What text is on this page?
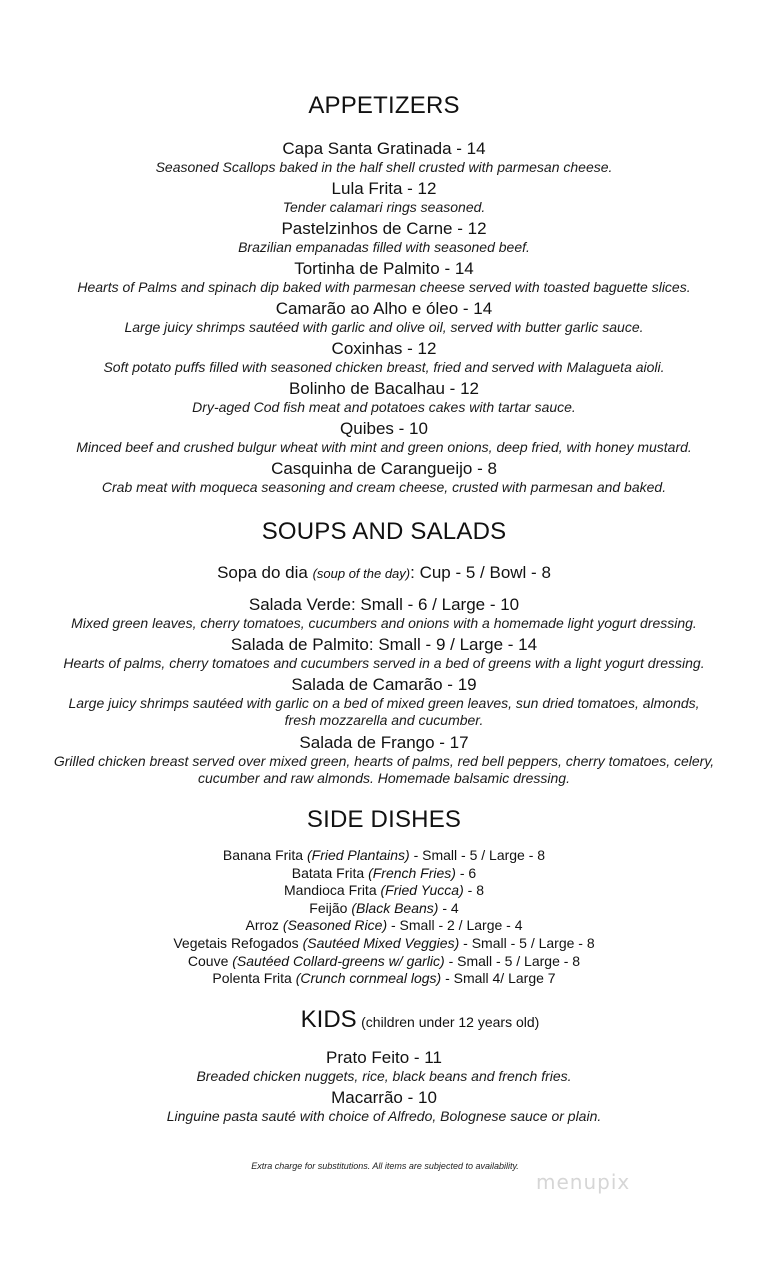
APPETIZERS
Capa Santa Gratinada - 14
Seasoned Scallops baked in the half shell crusted with parmesan cheese.
Lula Frita - 12
Tender calamari rings seasoned.
Pastelzinhos de Carne - 12
Brazilian empanadas filled with seasoned beef.
Tortinha de Palmito - 14
Hearts of Palms and spinach dip baked with parmesan cheese served with toasted baguette slices.
Camarão ao Alho e óleo - 14
Large juicy shrimps sautéed with garlic and olive oil, served with butter garlic sauce.
Coxinhas - 12
Soft potato puffs filled with seasoned chicken breast, fried and served with Malagueta aioli.
Bolinho de Bacalhau - 12
Dry-aged Cod fish meat and potatoes cakes with tartar sauce.
Quibes - 10
Minced beef and crushed bulgur wheat with mint and green onions, deep fried, with honey mustard.
Casquinha de Carangueijo - 8
Crab meat with moqueca seasoning and cream cheese, crusted with parmesan and baked.
SOUPS AND SALADS
Sopa do dia (soup of the day): Cup - 5 / Bowl - 8
Salada Verde: Small - 6 / Large - 10
Mixed green leaves, cherry tomatoes, cucumbers and onions with a homemade light yogurt dressing.
Salada de Palmito: Small - 9 / Large - 14
Hearts of palms, cherry tomatoes and cucumbers served in a bed of greens with a light yogurt dressing.
Salada de Camarão - 19
Large juicy shrimps sautéed with garlic on a bed of mixed green leaves, sun dried tomatoes, almonds,
fresh mozzarella and cucumber.
Salada de Frango - 17
Grilled chicken breast served over mixed green, hearts of palms, red bell peppers, cherry tomatoes, celery,
cucumber and raw almonds. Homemade balsamic dressing.
SIDE DISHES
Banana Frita (Fried Plantains) - Small - 5 / Large - 8
Batata Frita (French Fries) - 6
Mandioca Frita (Fried Yucca) - 8
Feijão (Black Beans) - 4
Arroz (Seasoned Rice) - Small - 2 / Large - 4
Vegetais Refogados (Sautéed Mixed Veggies) - Small - 5 / Large - 8
Couve (Sautéed Collard-greens w/ garlic) - Small - 5 / Large - 8
Polenta Frita (Crunch cornmeal logs) - Small 4/ Large 7
KIDS (children under 12 years old)
Prato Feito - 11
Breaded chicken nuggets, rice, black beans and french fries.
Macarrão - 10
Linguine pasta sauté with choice of Alfredo, Bolognese sauce or plain.
Extra charge for substitutions. All items are subjected to availability.
menupix
